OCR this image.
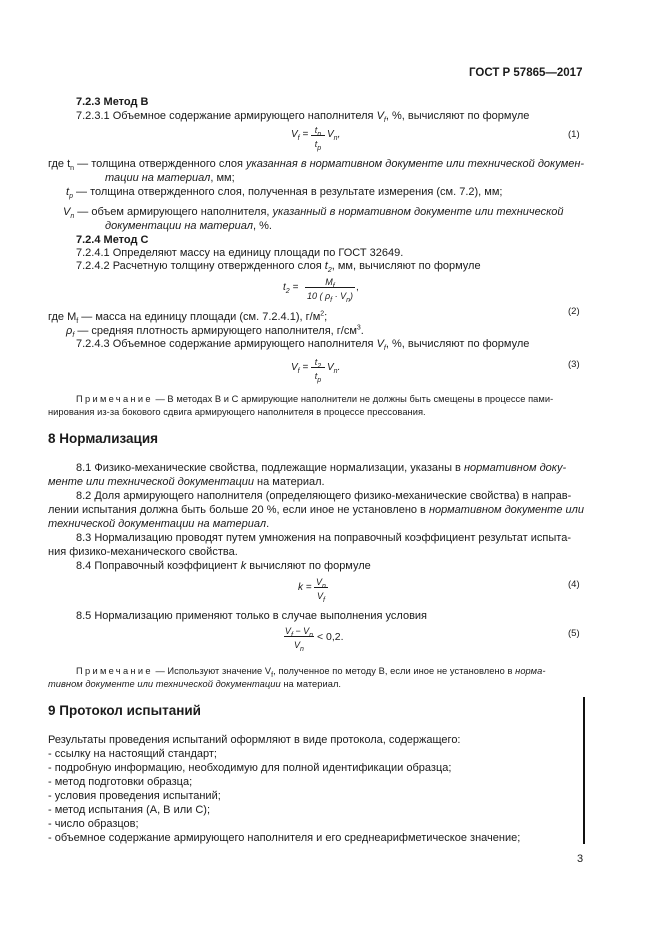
ГОСТ Р 57865—2017
7.2.3 Метод В
7.2.3.1 Объемное содержание армирующего наполнителя $V_f$, %, вычисляют по формуле
$V_f = t_n$
$t_p$
$V_n$,	(1)
где $t_n$ — толщина отвержденного слоя указанная в нормативном документе или технической докумен-
тации на материал, мм;
$t_p$ — толщина отвержденного слоя, полученная в результате измерения (см. 7.2), мм;
$V_n$ — объем армирующего наполнителя, указанный в нормативном документе или технической
документации на материал, %.
7.2.4 Метод С
7.2.4.1 Определяют массу на единицу площади по ГОСТ 32649.
7.2.4.2 Расчетную толщину отвержденного слоя $t_2$, мм, вычисляют по формуле
$t_2$ =	$M_f$
10 ( $\rho_f \cdot V_n$)
,
(2)
где $M_f$ — масса на единицу площади (см. 7.2.4.1), $г/м^2$;
$\rho_f$ — средняя плотность армирующего наполнителя, $г/см^3$.
7.2.4.3 Объемное содержание армирующего наполнителя $V_f$, %, вычисляют по формуле
$V_f = t_2$
$t_p$
$V_n$.	(3)
Примечание — В методах В и С армирующие наполнители не должны быть смещены в процессе пами-
нирования из-за бокового сдвига армирующего наполнителя в процессе прессования.
8 Нормализация
8.1 Физико-механические свойства, подлежащие нормализации, указаны в нормативном доку-
менте или технической документации на материал.
8.2 Доля армирующего наполнителя (определяющего физико-механические свойства) в направ-
лении испытания должна быть больше 20 %, если иное не установлено в нормативном документе или
технической документации на материал.
8.3 Нормализацию проводят путем умножения на поправочный коэффициент результат испыта-
ния физико-механического свойства.
8.4 Поправочный коэффициент k вычисляют по формуле
$k = V_n$
$V_f$
(4)
8.5 Нормализацию применяют только в случае выполнения условия
$V_f - V_n$
$V_n$
< 0,2.	(5)
Примечание — Используют значение $V_f$, полученное по методу В, если иное не установлено в норма-
тивном документе или технической документации на материал.
9 Протокол испытаний
Результаты проведения испытаний оформляют в виде протокола, содержащего:
- ссылку на настоящий стандарт;
- подробную информацию, необходимую для полной идентификации образца;
- метод подготовки образца;
- условия проведения испытаний;
- метод испытания (А, В или С);
- число образцов;
- объемное содержание армирующего наполнителя и его среднеарифметическое значение;
3
